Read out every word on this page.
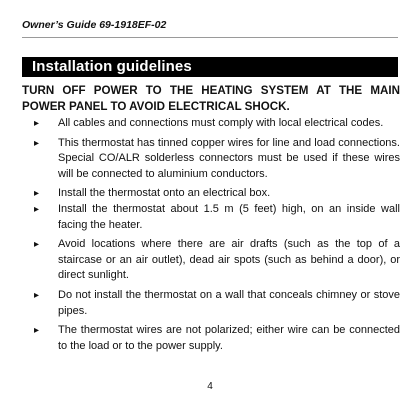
Owner’s Guide 69-1918EF-02
Installation guidelines
TURN OFF POWER TO THE HEATING SYSTEM AT THE MAIN POWER PANEL TO AVOID ELECTRICAL SHOCK.
▸ All cables and connections must comply with local electrical codes.
▸ This thermostat has tinned copper wires for line and load connections. Special CO/ALR solderless connectors must be used if these wires will be connected to aluminium conductors.
▸ Install the thermostat onto an electrical box.
▸ Install the thermostat about 1.5 m (5 feet) high, on an inside wall facing the heater.
▸ Avoid locations where there are air drafts (such as the top of a staircase or an air outlet), dead air spots (such as behind a door), or direct sunlight.
▸ Do not install the thermostat on a wall that conceals chimney or stove pipes.
▸ The thermostat wires are not polarized; either wire can be connected to the load or to the power supply.
4
